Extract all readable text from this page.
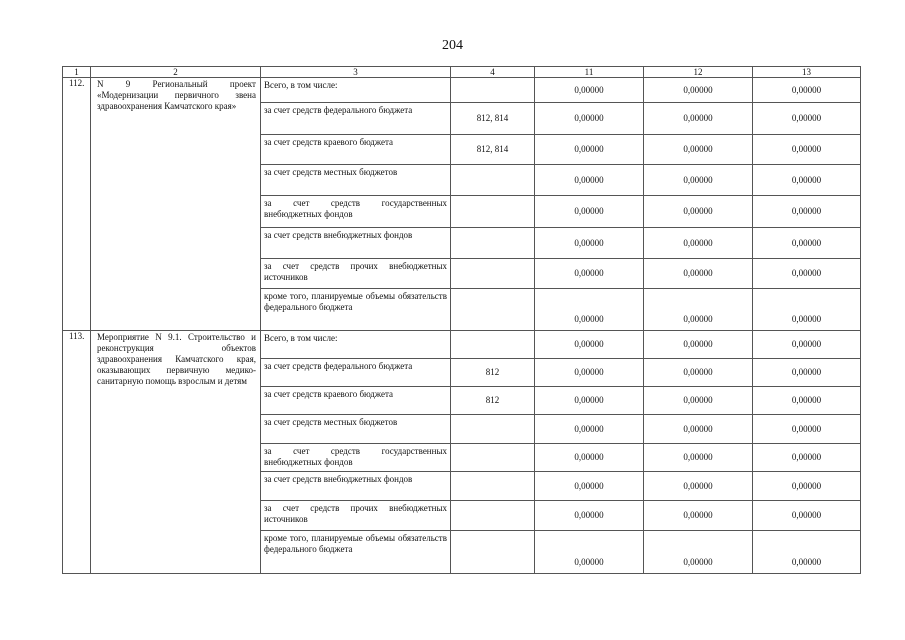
204
1	2	3	4	11	12	13
112.	N 9 Региональный проект «Модернизации первичного звена здравоохранения Камчатского края»	Всего, в том числе:		0,00000	0,00000	0,00000
		за счет средств федерального бюджета	812, 814	0,00000	0,00000	0,00000
		за счет средств краевого бюджета	812, 814	0,00000	0,00000	0,00000
		за счет средств местных бюджетов		0,00000	0,00000	0,00000
		за счет средств государственных внебюджетных фондов		0,00000	0,00000	0,00000
		за счет средств внебюджетных фондов		0,00000	0,00000	0,00000
		за счет средств прочих внебюджетных источников		0,00000	0,00000	0,00000
		кроме того, планируемые объемы обязательств федерального бюджета		0,00000	0,00000	0,00000
113.	Мероприятие N 9.1. Строительство и реконструкция объектов здравоохранения Камчатского края, оказывающих первичную медико-санитарную помощь взрослым и детям	Всего, в том числе:		0,00000	0,00000	0,00000
		за счет средств федерального бюджета	812	0,00000	0,00000	0,00000
		за счет средств краевого бюджета	812	0,00000	0,00000	0,00000
		за счет средств местных бюджетов		0,00000	0,00000	0,00000
		за счет средств государственных внебюджетных фондов		0,00000	0,00000	0,00000
		за счет средств внебюджетных фондов		0,00000	0,00000	0,00000
		за счет средств прочих внебюджетных источников		0,00000	0,00000	0,00000
		кроме того, планируемые объемы обязательств федерального бюджета		0,00000	0,00000	0,00000
